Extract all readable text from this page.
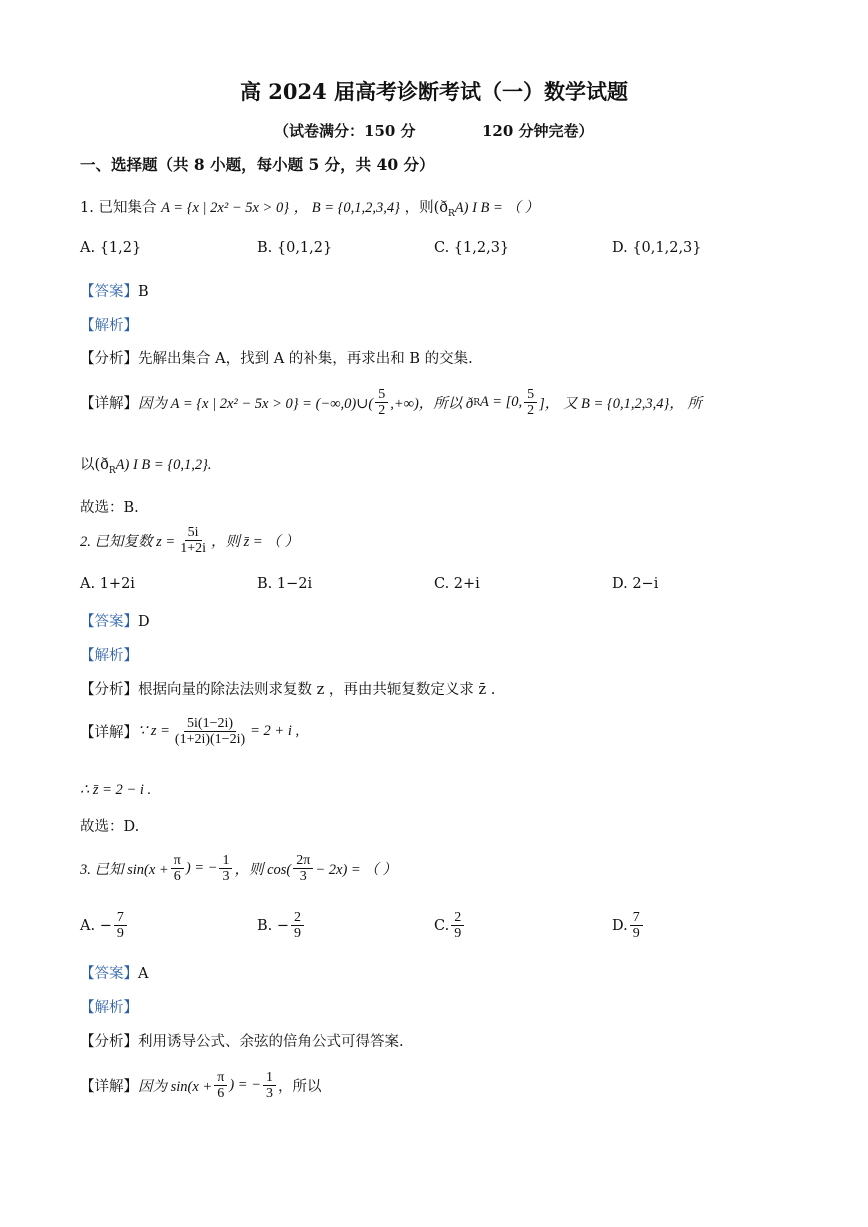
高 2024 届高考诊断考试（一）数学试题
（试卷满分：150 分	120 分钟完卷）
一、选择题（共 8 小题，每小题 5 分，共 40 分）
1. 已知集合 A = {x | 2x² − 5x > 0} ， B = {0,1,2,3,4} ，则$(ð_RA)$ I B = （ ）
A. {1,2}	B. {0,1,2}	C. {1,2,3}	D. {0,1,2,3}
【答案】B
【解析】
【分析】先解出集合 A，找到 A 的补集，再求出和 B 的交集.
【详解】 因为 A = {x | 2x² − 5x > 0} = (−∞,0)∪( $\frac{5}{2}$ ,+∞)，所以 ð R A = [0, $\frac{5}{2}$ ]， 又 B = {0,1,2,3,4}， 所
以$(ð_RA)$ I B = {0,1,2}.
故选：B.
2. 已知复数 $z = \frac{5i}{1+2i}$ ，则 z̄ = （ ）
A. 1+2i	B. 1−2i	C. 2+i	D. 2−i
【答案】D
【解析】
【分析】根据向量的除法法则求复数 z ，再由共轭复数定义求 z̄ .
【详解】 ∵ $z = \frac{5i(1-2i)}{(1+2i)(1-2i)} = 2 + i$ ,
∴ z̄ = 2 − i .
故选：D.
3. 已知 $\sin(x + \frac{\pi}{6}$ ) = − $\frac{1}{3}$ ，则 $\cos( \frac{2\pi}{3} - 2x)$ = （ ）
A. − $\frac{7}{9}$	B. − $\frac{2}{9}$	C. $\frac{2}{9}$	D. $\frac{7}{9}$
【答案】A
【解析】
【分析】利用诱导公式、余弦的倍角公式可得答案.
【详解】 因为 $\sin(x + \frac{\pi}{6}$ ) = − $\frac{1}{3}$ ，所以
